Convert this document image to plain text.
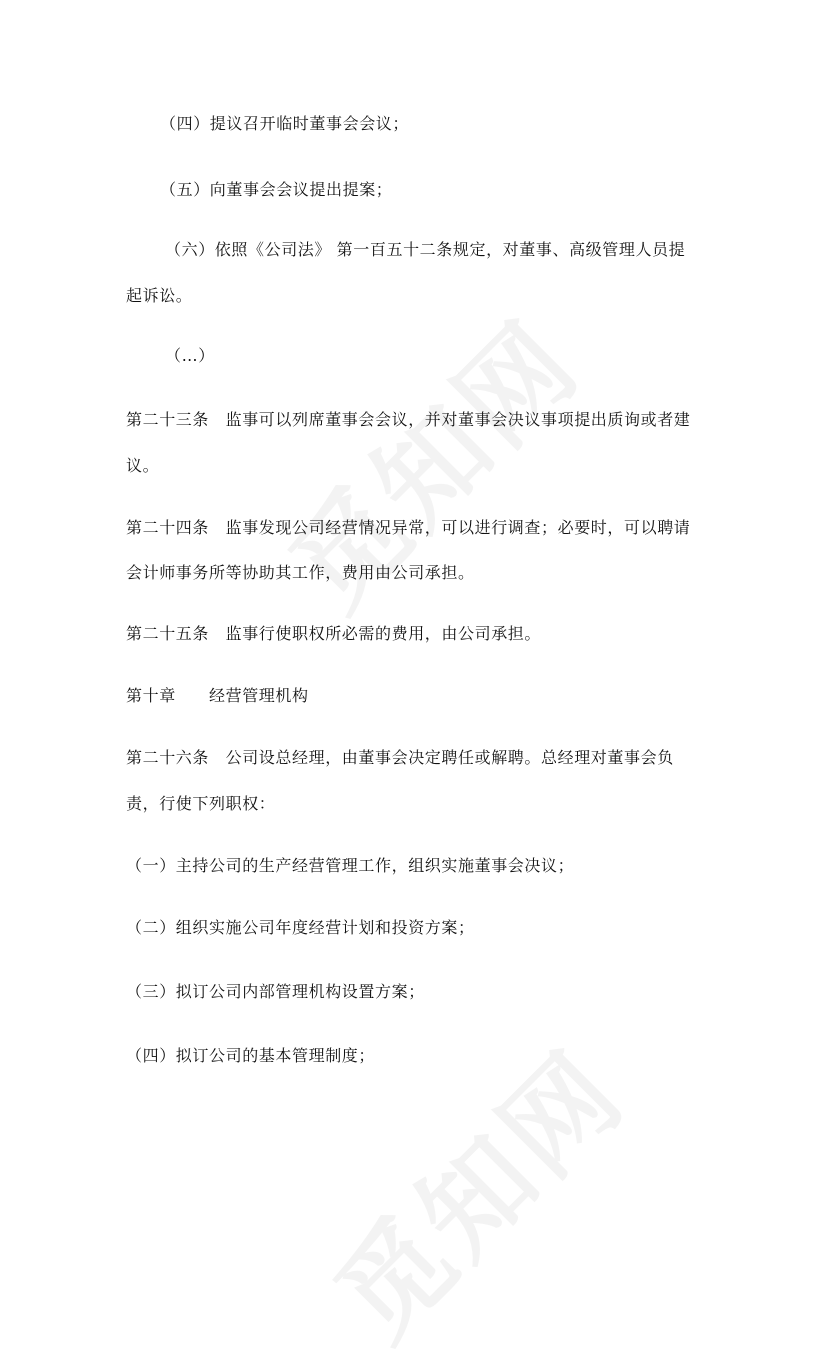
（四）提议召开临时董事会会议；
（五）向董事会会议提出提案；
（六）依照《公司法》 第一百五十二条规定，对董事、高级管理人员提
起诉讼。
（…）
第二十三条　监事可以列席董事会会议，并对董事会决议事项提出质询或者建
议。
第二十四条　监事发现公司经营情况异常，可以进行调查；必要时，可以聘请
会计师事务所等协助其工作，费用由公司承担。
第二十五条　监事行使职权所必需的费用，由公司承担。
第十章　　经营管理机构
第二十六条　公司设总经理，由董事会决定聘任或解聘。总经理对董事会负
责，行使下列职权：
（一）主持公司的生产经营管理工作，组织实施董事会决议；
（二）组织实施公司年度经营计划和投资方案；
（三）拟订公司内部管理机构设置方案；
（四）拟订公司的基本管理制度；
